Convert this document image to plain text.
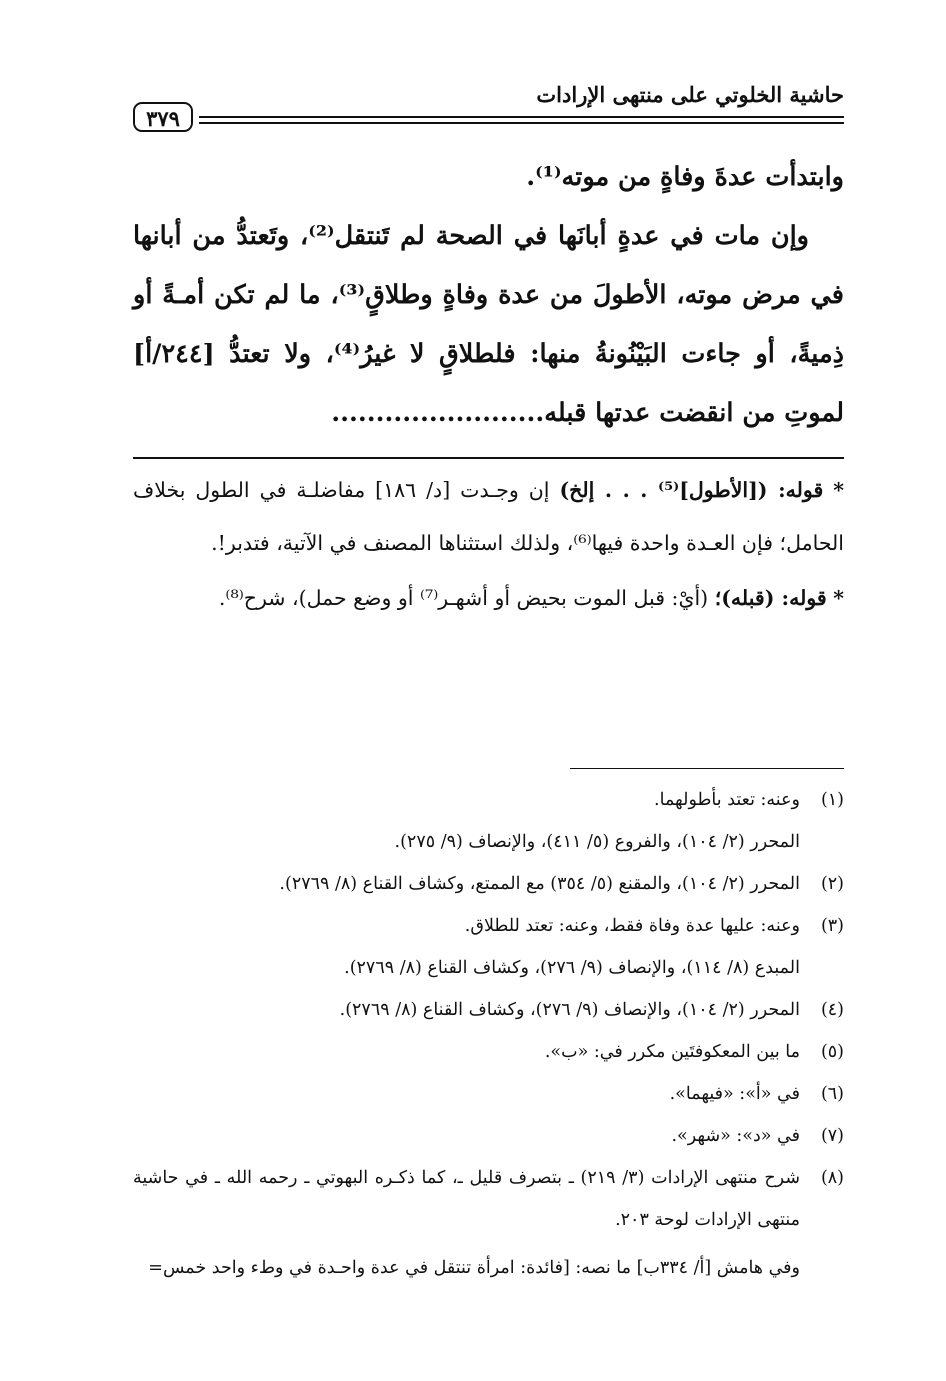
حاشية الخلوتي على منتهى الإرادات
٣٧٩

وابتدأت عدةَ وفاةٍ من موته⁽¹⁾.

وإن مات في عدةٍ أبانَها في الصحة لم تَنتقل⁽²⁾، وتَعتدُّ من أبانها في مرض موته، الأطولَ من عدة وفاةٍ وطلاقٍ⁽³⁾، ما لم تكن أمـةً أو ذِميةً، أو جاءت البَيْنُونةُ منها: فلطلاقٍ لا غيرُ⁽⁴⁾، ولا تعتدُّ [٢٤٤/أ] لموتِ من انقضت عدتها قبله........................

* قوله: ([الأطول]⁽⁵⁾ . . . إلخ) إن وجـدت [د/ ١٨٦] مفاضلـة في الطول بخلاف الحامل؛ فإن العـدة واحدة فيها⁽⁶⁾، ولذلك استثناها المصنف في الآتية، فتدبر!.

* قوله: (قبله)؛ (أيْ: قبل الموت بحيض أو أشهـر⁽⁷⁾ أو وضع حمل)، شرح⁽⁸⁾.

(١)
وعنه: تعتد بأطولهما.
المحرر (٢/ ١٠٤)، والفروع (٥/ ٤١١)، والإنصاف (٩/ ٢٧٥).
(٢)
المحرر (٢/ ١٠٤)، والمقنع (٥/ ٣٥٤) مع الممتع، وكشاف القناع (٨/ ٢٧٦٩).
(٣)
وعنه: عليها عدة وفاة فقط، وعنه: تعتد للطلاق.
المبدع (٨/ ١١٤)، والإنصاف (٩/ ٢٧٦)، وكشاف القناع (٨/ ٢٧٦٩).
(٤)
المحرر (٢/ ١٠٤)، والإنصاف (٩/ ٢٧٦)، وكشاف القناع (٨/ ٢٧٦٩).
(٥)
ما بين المعكوفتَين مكرر في: «ب».
(٦)
في «أ»: «فيهما».
(٧)
في «د»: «شهر».
(٨)
شرح منتهى الإرادات (٣/ ٢١٩) ـ بتصرف قليل ـ، كما ذكـره البهوتي ـ رحمه الله ـ في حاشية منتهى الإرادات لوحة ٢٠٣.
وفي هامش [أ/ ٣٣٤ب] ما نصه: [فائدة: امرأة تنتقل في عدة واحـدة في وطء واحد خمس=
